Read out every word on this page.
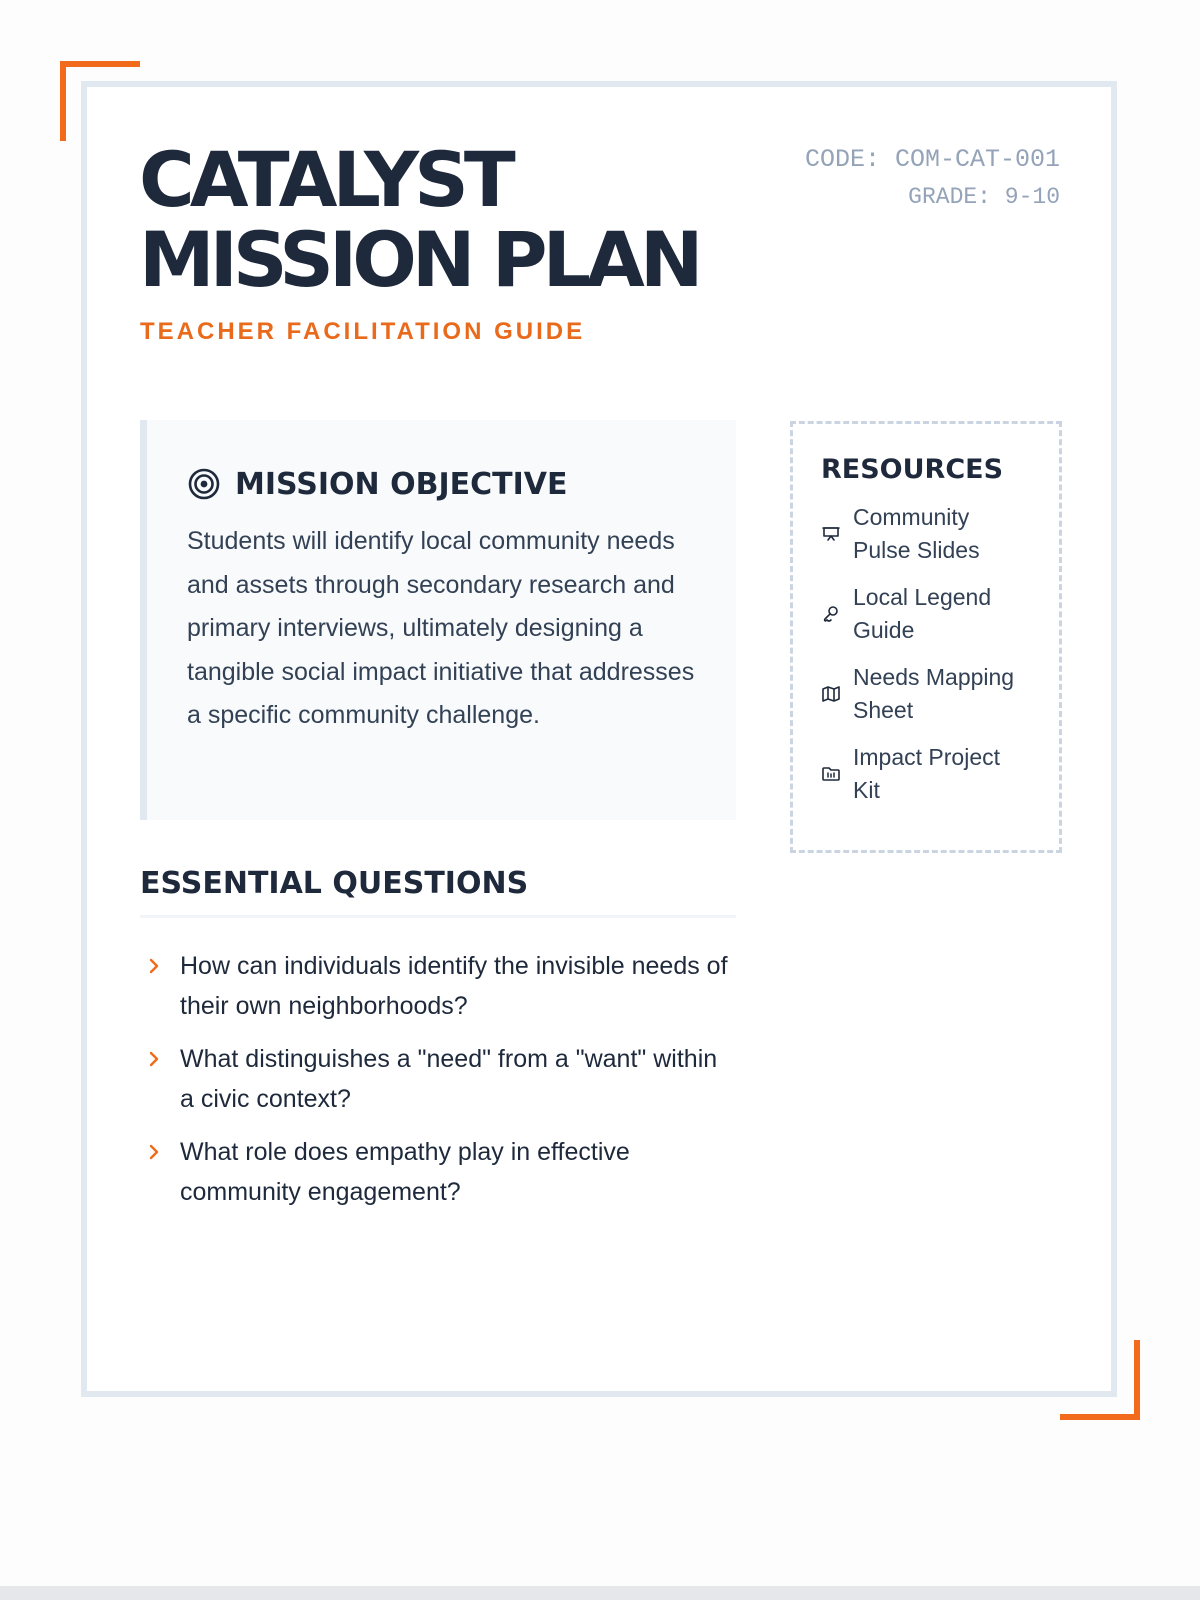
CATALYST
MISSION PLAN
TEACHER FACILITATION GUIDE
CODE: COM-CAT-001
GRADE: 9-10
MISSION OBJECTIVE

Students will identify local community needs and assets through secondary research and primary interviews, ultimately designing a tangible social impact initiative that addresses a specific community challenge.

ESSENTIAL QUESTIONS
How can individuals identify the invisible needs of their own neighborhoods?
What distinguishes a "need" from a "want" within a civic context?
What role does empathy play in effective community engagement?
RESOURCES
Community Pulse Slides
Local Legend Guide
Needs Mapping Sheet
Impact Project Kit
